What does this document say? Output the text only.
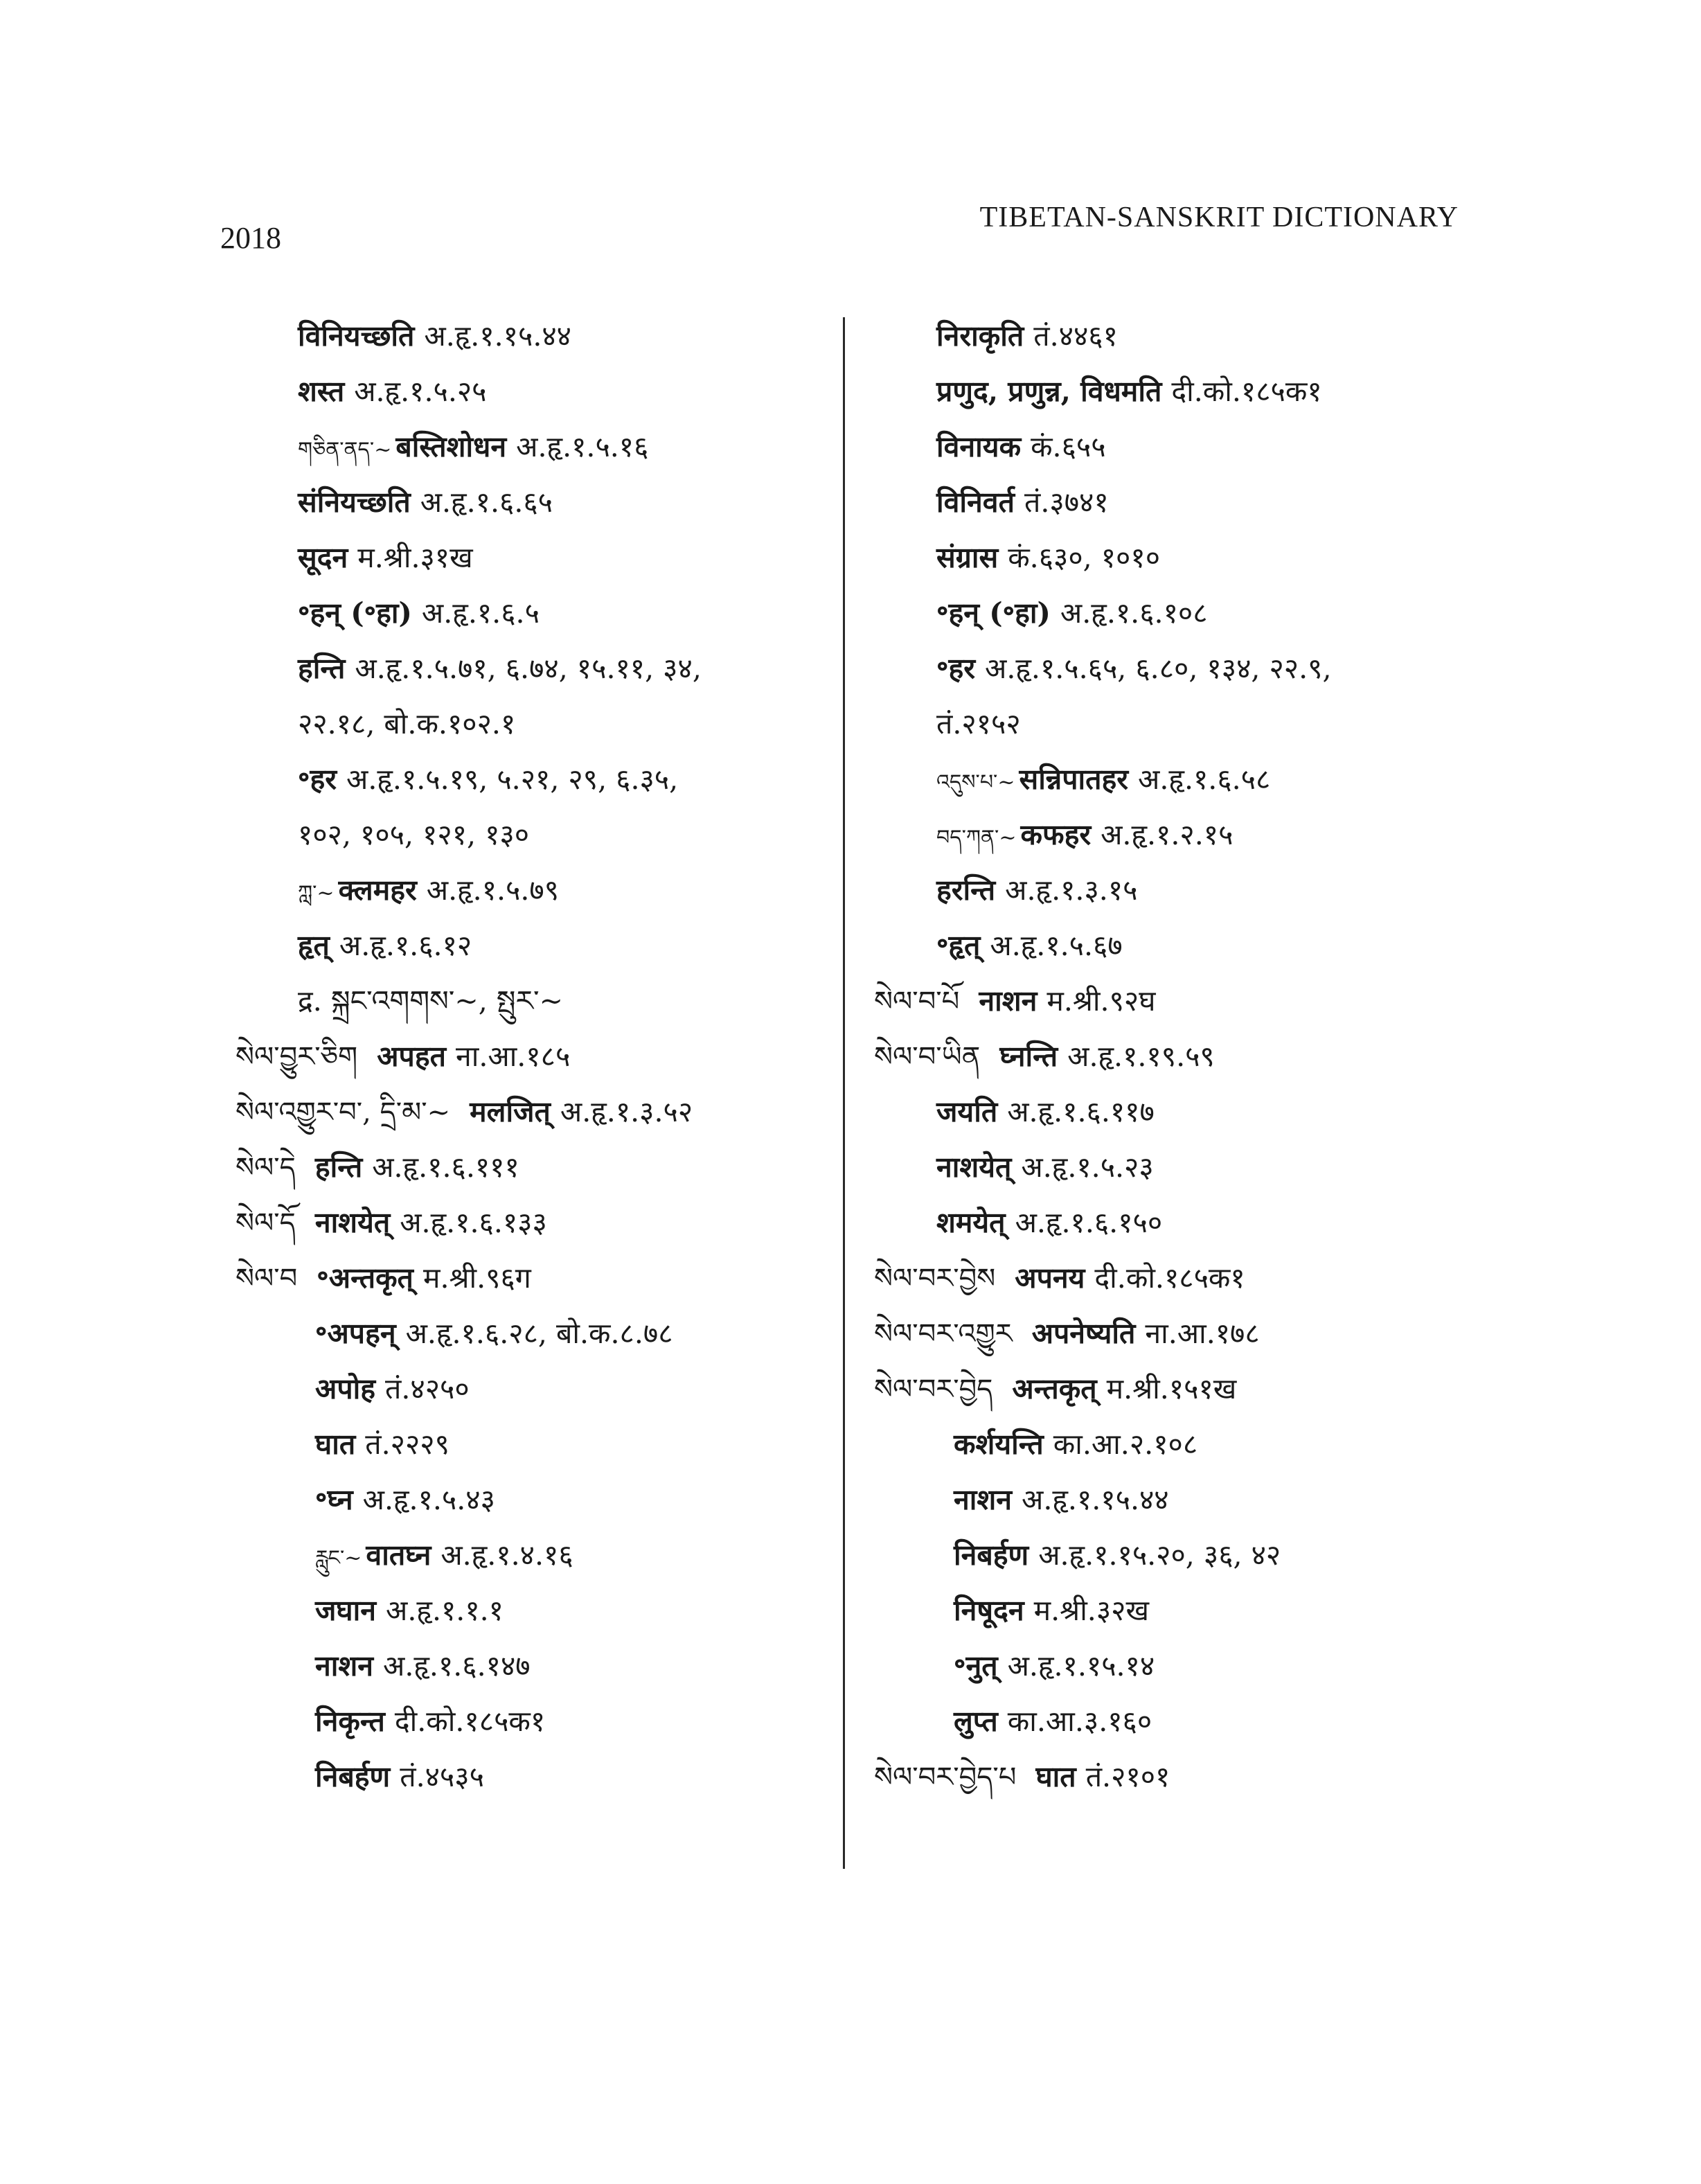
2018
TIBETAN-SANSKRIT DICTIONARY
विनियच्छति अ.हृ.१.१५.४४
शस्त अ.हृ.१.५.२५
གཅིན་ནད་~ बस्तिशोधन अ.हृ.१.५.१६
संनियच्छति अ.हृ.१.६.६५
सूदन म.श्री.३१ख
॰हन् (॰हा) अ.हृ.१.६.५
हन्ति अ.हृ.१.५.७१, ६.७४, १५.११, ३४,
२२.१८, बो.क.१०२.१
॰हर अ.हृ.१.५.१९, ५.२१, २९, ६.३५,
१०२, १०५, १२१, १३०
ཀླ་~ क्लमहर अ.हृ.१.५.७९
हृत् अ.हृ.१.६.१२
द्र. སྐྲང་འགགས་~, སྤུར་~
སེལ་བྱུར་ཅིག अपहत ना.आ.१८५
སེལ་འགྱུར་བ་, དྲི་མ་~ मलजित् अ.हृ.१.३.५२
སེལ་དེ हन्ति अ.हृ.१.६.१११
སེལ་དོ नाशयेत् अ.हृ.१.६.१३३
སེལ་བ ॰अन्तकृत् म.श्री.९६ग
॰अपहन् अ.हृ.१.६.२८, बो.क.८.७८
अपोह तं.४२५०
घात तं.२२२९
॰घ्न अ.हृ.१.५.४३
རླུང་~ वातघ्न अ.हृ.१.४.१६
जघान अ.हृ.१.१.१
नाशन अ.हृ.१.६.१४७
निकृन्त दी.को.१८५क१
निबर्हण तं.४५३५
निराकृति तं.४४६१
प्रणुद, प्रणुन्न, विधमति दी.को.१८५क१
विनायक कं.६५५
विनिवर्त तं.३७४१
संग्रास कं.६३०, १०१०
॰हन् (॰हा) अ.हृ.१.६.१०८
॰हर अ.हृ.१.५.६५, ६.८०, १३४, २२.९,
तं.२१५२
འདུས་པ་~ सन्निपातहर अ.हृ.१.६.५८
བད་ཀན་~ कफहर अ.हृ.१.२.१५
हरन्ति अ.हृ.१.३.१५
॰हृत् अ.हृ.१.५.६७
སེལ་བ་པོ नाशन म.श्री.९२घ
སེལ་བ་ཡིན घ्नन्ति अ.हृ.१.१९.५९
जयति अ.हृ.१.६.११७
नाशयेत् अ.हृ.१.५.२३
शमयेत् अ.हृ.१.६.१५०
སེལ་བར་བྱེས अपनय दी.को.१८५क१
སེལ་བར་འགྱུར अपनेष्यति ना.आ.१७८
སེལ་བར་བྱེད अन्तकृत् म.श्री.१५१ख
कर्शयन्ति का.आ.२.१०८
नाशन अ.हृ.१.१५.४४
निबर्हण अ.हृ.१.१५.२०, ३६, ४२
निषूदन म.श्री.३२ख
॰नुत् अ.हृ.१.१५.१४
लुप्त का.आ.३.१६०
སེལ་བར་བྱེད་པ घात तं.२१०१
